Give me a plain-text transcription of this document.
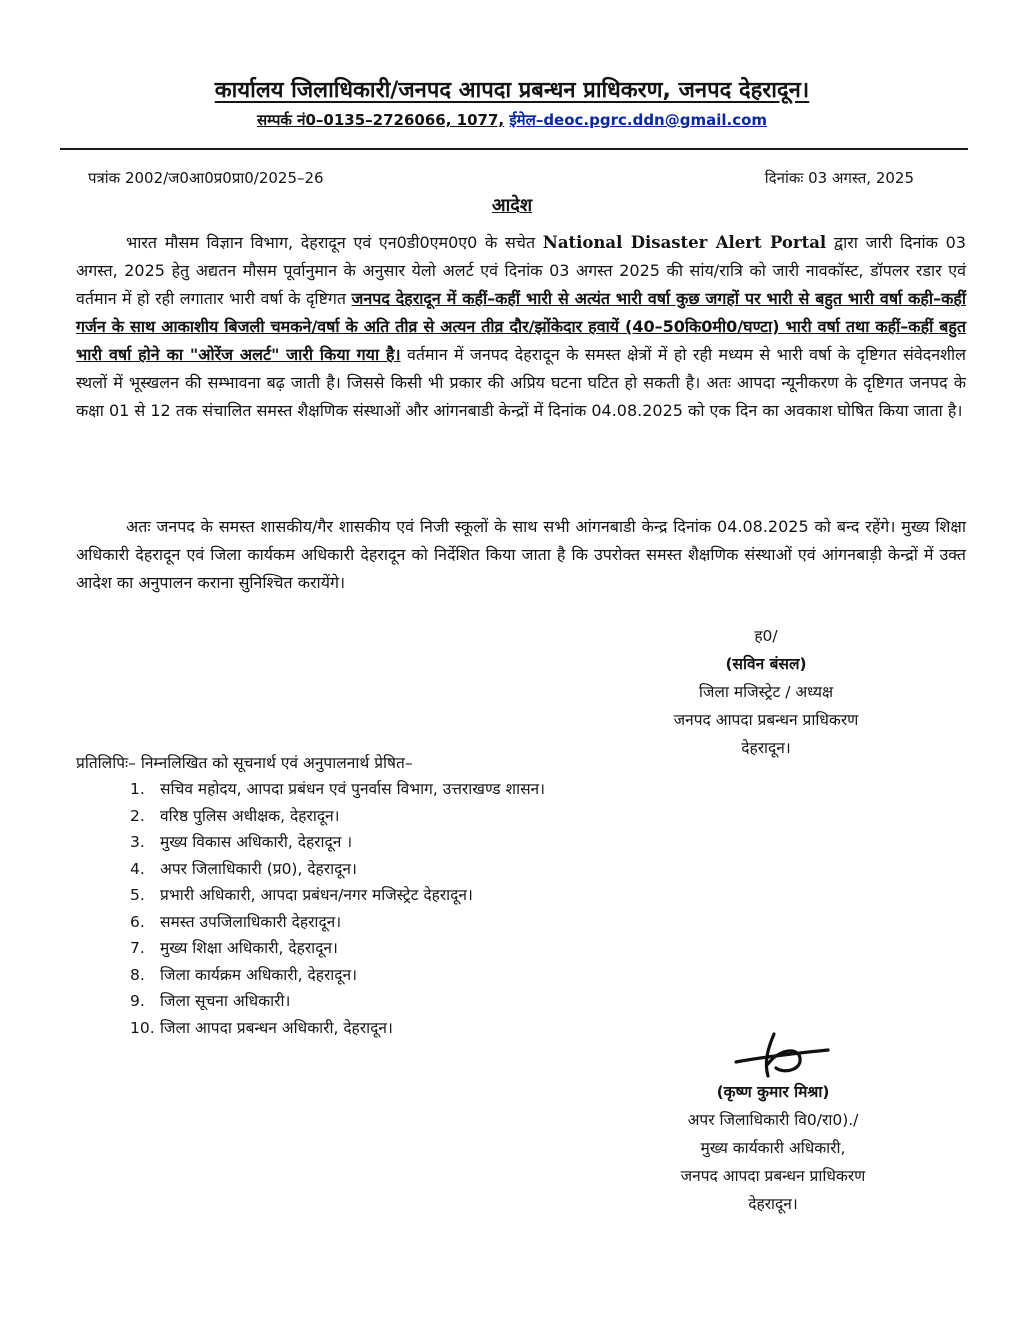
कार्यालय जिलाधिकारी/जनपद आपदा प्रबन्धन प्राधिकरण, जनपद देहरादून।
सम्पर्क नं0–0135–2726066, 1077, ईमेल–deoc.pgrc.ddn@gmail.com
पत्रांक 2002/ज0आ0प्र0प्रा0/2025–26	दिनांकः 03 अगस्त, 2025
आदेश
भारत मौसम विज्ञान विभाग, देहरादून एवं एन0डी0एम0ए0 के सचेत National Disaster Alert Portal द्वारा जारी दिनांक 03 अगस्त, 2025 हेतु अद्यतन मौसम पूर्वानुमान के अनुसार येलो अलर्ट एवं दिनांक 03 अगस्त 2025 की सांय/रात्रि को जारी नावकॉस्ट, डॉपलर रडार एवं वर्तमान में हो रही लगातार भारी वर्षा के दृष्टिगत जनपद देहरादून में कहीं–कहीं भारी से अत्यंत भारी वर्षा कुछ जगहों पर भारी से बहुत भारी वर्षा कही–कहीं गर्जन के साथ आकाशीय बिजली चमकने/वर्षा के अति तीव्र से अत्यन तीव्र दौर/झोंकेदार हवायें (40–50कि0मी0/घण्टा) भारी वर्षा तथा कहीं–कहीं बहुत भारी वर्षा होने का "ओरेंज अलर्ट" जारी किया गया है। वर्तमान में जनपद देहरादून के समस्त क्षेत्रों में हो रही मध्यम से भारी वर्षा के दृष्टिगत संवेदनशील स्थलों में भूस्खलन की सम्भावना बढ़ जाती है। जिससे किसी भी प्रकार की अप्रिय घटना घटित हो सकती है। अतः आपदा न्यूनीकरण के दृष्टिगत जनपद के कक्षा 01 से 12 तक संचालित समस्त शैक्षणिक संस्थाओं और आंगनबाडी केन्द्रों में दिनांक 04.08.2025 को एक दिन का अवकाश घोषित किया जाता है।
अतः जनपद के समस्त शासकीय/गैर शासकीय एवं निजी स्कूलों के साथ सभी आंगनबाडी केन्द्र दिनांक 04.08.2025 को बन्द रहेंगे। मुख्य शिक्षा अधिकारी देहरादून एवं जिला कार्यकम अधिकारी देहरादून को निर्देशित किया जाता है कि उपरोक्त समस्त शैक्षणिक संस्थाओं एवं आंगनबाड़ी केन्द्रों में उक्त आदेश का अनुपालन कराना सुनिश्चित करायेंगे।
ह0/
(सविन बंसल)
जिला मजिस्ट्रेट / अध्यक्ष
जनपद आपदा प्रबन्धन प्राधिकरण
देहरादून।
प्रतिलिपिः– निम्नलिखित को सूचनार्थ एवं अनुपालनार्थ प्रेषित–
1. सचिव महोदय, आपदा प्रबंधन एवं पुनर्वास विभाग, उत्तराखण्ड शासन।
2. वरिष्ठ पुलिस अधीक्षक, देहरादून।
3. मुख्य विकास अधिकारी, देहरादून ।
4. अपर जिलाधिकारी (प्र0), देहरादून।
5. प्रभारी अधिकारी, आपदा प्रबंधन/नगर मजिस्ट्रेट देहरादून।
6. समस्त उपजिलाधिकारी देहरादून।
7. मुख्य शिक्षा अधिकारी, देहरादून।
8. जिला कार्यक्रम अधिकारी, देहरादून।
9. जिला सूचना अधिकारी।
10. जिला आपदा प्रबन्धन अधिकारी, देहरादून।
(कृष्ण कुमार मिश्रा)
अपर जिलाधिकारी वि0/रा0)./
मुख्य कार्यकारी अधिकारी,
जनपद आपदा प्रबन्धन प्राधिकरण
देहरादून।
